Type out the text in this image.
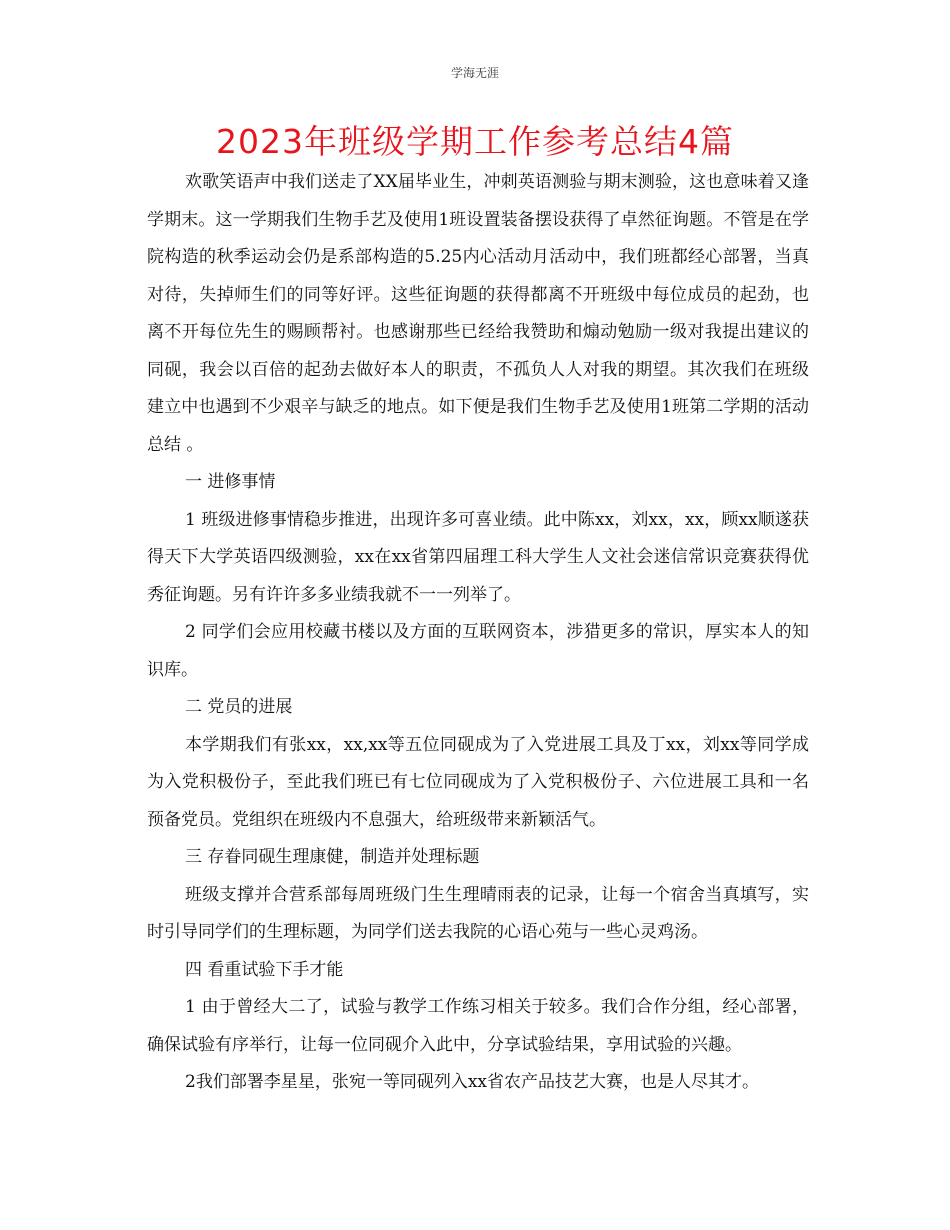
学海无涯
2023年班级学期工作参考总结4篇

欢歌笑语声中我们送走了XX届毕业生，冲刺英语测验与期末测验，这也意味着又逢学期末。这一学期我们生物手艺及使用1班设置装备摆设获得了卓然征询题。不管是在学院构造的秋季运动会仍是系部构造的5.25内心活动月活动中，我们班都经心部署，当真对待，失掉师生们的同等好评。这些征询题的获得都离不开班级中每位成员的起劲，也离不开每位先生的赐顾帮衬。也感谢那些已经给我赞助和煽动勉励一级对我提出建议的同砚，我会以百倍的起劲去做好本人的职责，不孤负人人对我的期望。其次我们在班级建立中也遇到不少艰辛与缺乏的地点。如下便是我们生物手艺及使用1班第二学期的活动总结 。

一 进修事情

1 班级进修事情稳步推进，出现许多可喜业绩。此中陈xx，刘xx，xx，顾xx顺遂获得天下大学英语四级测验，xx在xx省第四届理工科大学生人文社会迷信常识竞赛获得优秀征询题。另有许许多多业绩我就不一一列举了。

2 同学们会应用校藏书楼以及方面的互联网资本，涉猎更多的常识，厚实本人的知识库。

二 党员的进展

本学期我们有张xx，xx,xx等五位同砚成为了入党进展工具及丁xx，刘xx等同学成为入党积极份子，至此我们班已有七位同砚成为了入党积极份子、六位进展工具和一名预备党员。党组织在班级内不息强大，给班级带来新颖活气。

三 存眷同砚生理康健，制造并处理标题

班级支撑并合营系部每周班级门生生理晴雨表的记录，让每一个宿舍当真填写，实时引导同学们的生理标题，为同学们送去我院的心语心苑与一些心灵鸡汤。

四 看重试验下手才能

1 由于曾经大二了，试验与教学工作练习相关于较多。我们合作分组，经心部署，确保试验有序举行，让每一位同砚介入此中，分享试验结果，享用试验的兴趣。

2我们部署李星星，张宛一等同砚列入xx省农产品技艺大赛，也是人尽其才。
